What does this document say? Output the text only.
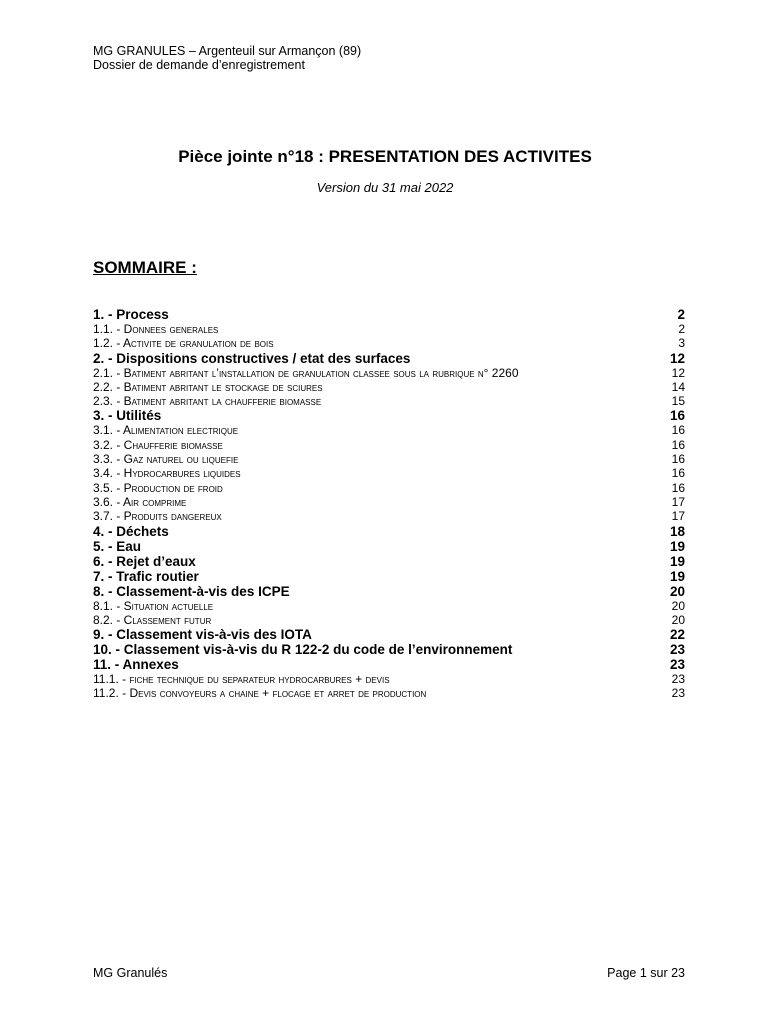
MG GRANULES – Argenteuil sur Armançon (89)
Dossier de demande d’enregistrement
Pièce jointe n°18 : PRESENTATION DES ACTIVITES
Version du 31 mai 2022
SOMMAIRE :
1. - Process	2
1.1. - Donnees generales	2
1.2. - Activite de granulation de bois	3
2. - Dispositions constructives / etat des surfaces	12
2.1. - Batiment abritant l’installation de granulation classee sous la rubrique n° 2260	12
2.2. - Batiment abritant le stockage de sciures	14
2.3. - Batiment abritant la chaufferie biomasse	15
3. - Utilités	16
3.1. - Alimentation electrique	16
3.2. - Chaufferie biomasse	16
3.3. - Gaz naturel ou liquefie	16
3.4. - Hydrocarbures liquides	16
3.5. - Production de froid	16
3.6. - Air comprime	17
3.7. - Produits dangereux	17
4. - Déchets	18
5. - Eau	19
6. - Rejet d’eaux	19
7. - Trafic routier	19
8. - Classement-à-vis des ICPE	20
8.1. - Situation actuelle	20
8.2. - Classement futur	20
9. - Classement vis-à-vis des IOTA	22
10. - Classement vis-à-vis du R 122-2 du code de l’environnement	23
11. - Annexes	23
11.1. - fiche technique du separateur hydrocarbures + devis	23
11.2. - Devis convoyeurs a chaine + flocage et arret de production	23
MG Granulés	Page 1 sur 23
